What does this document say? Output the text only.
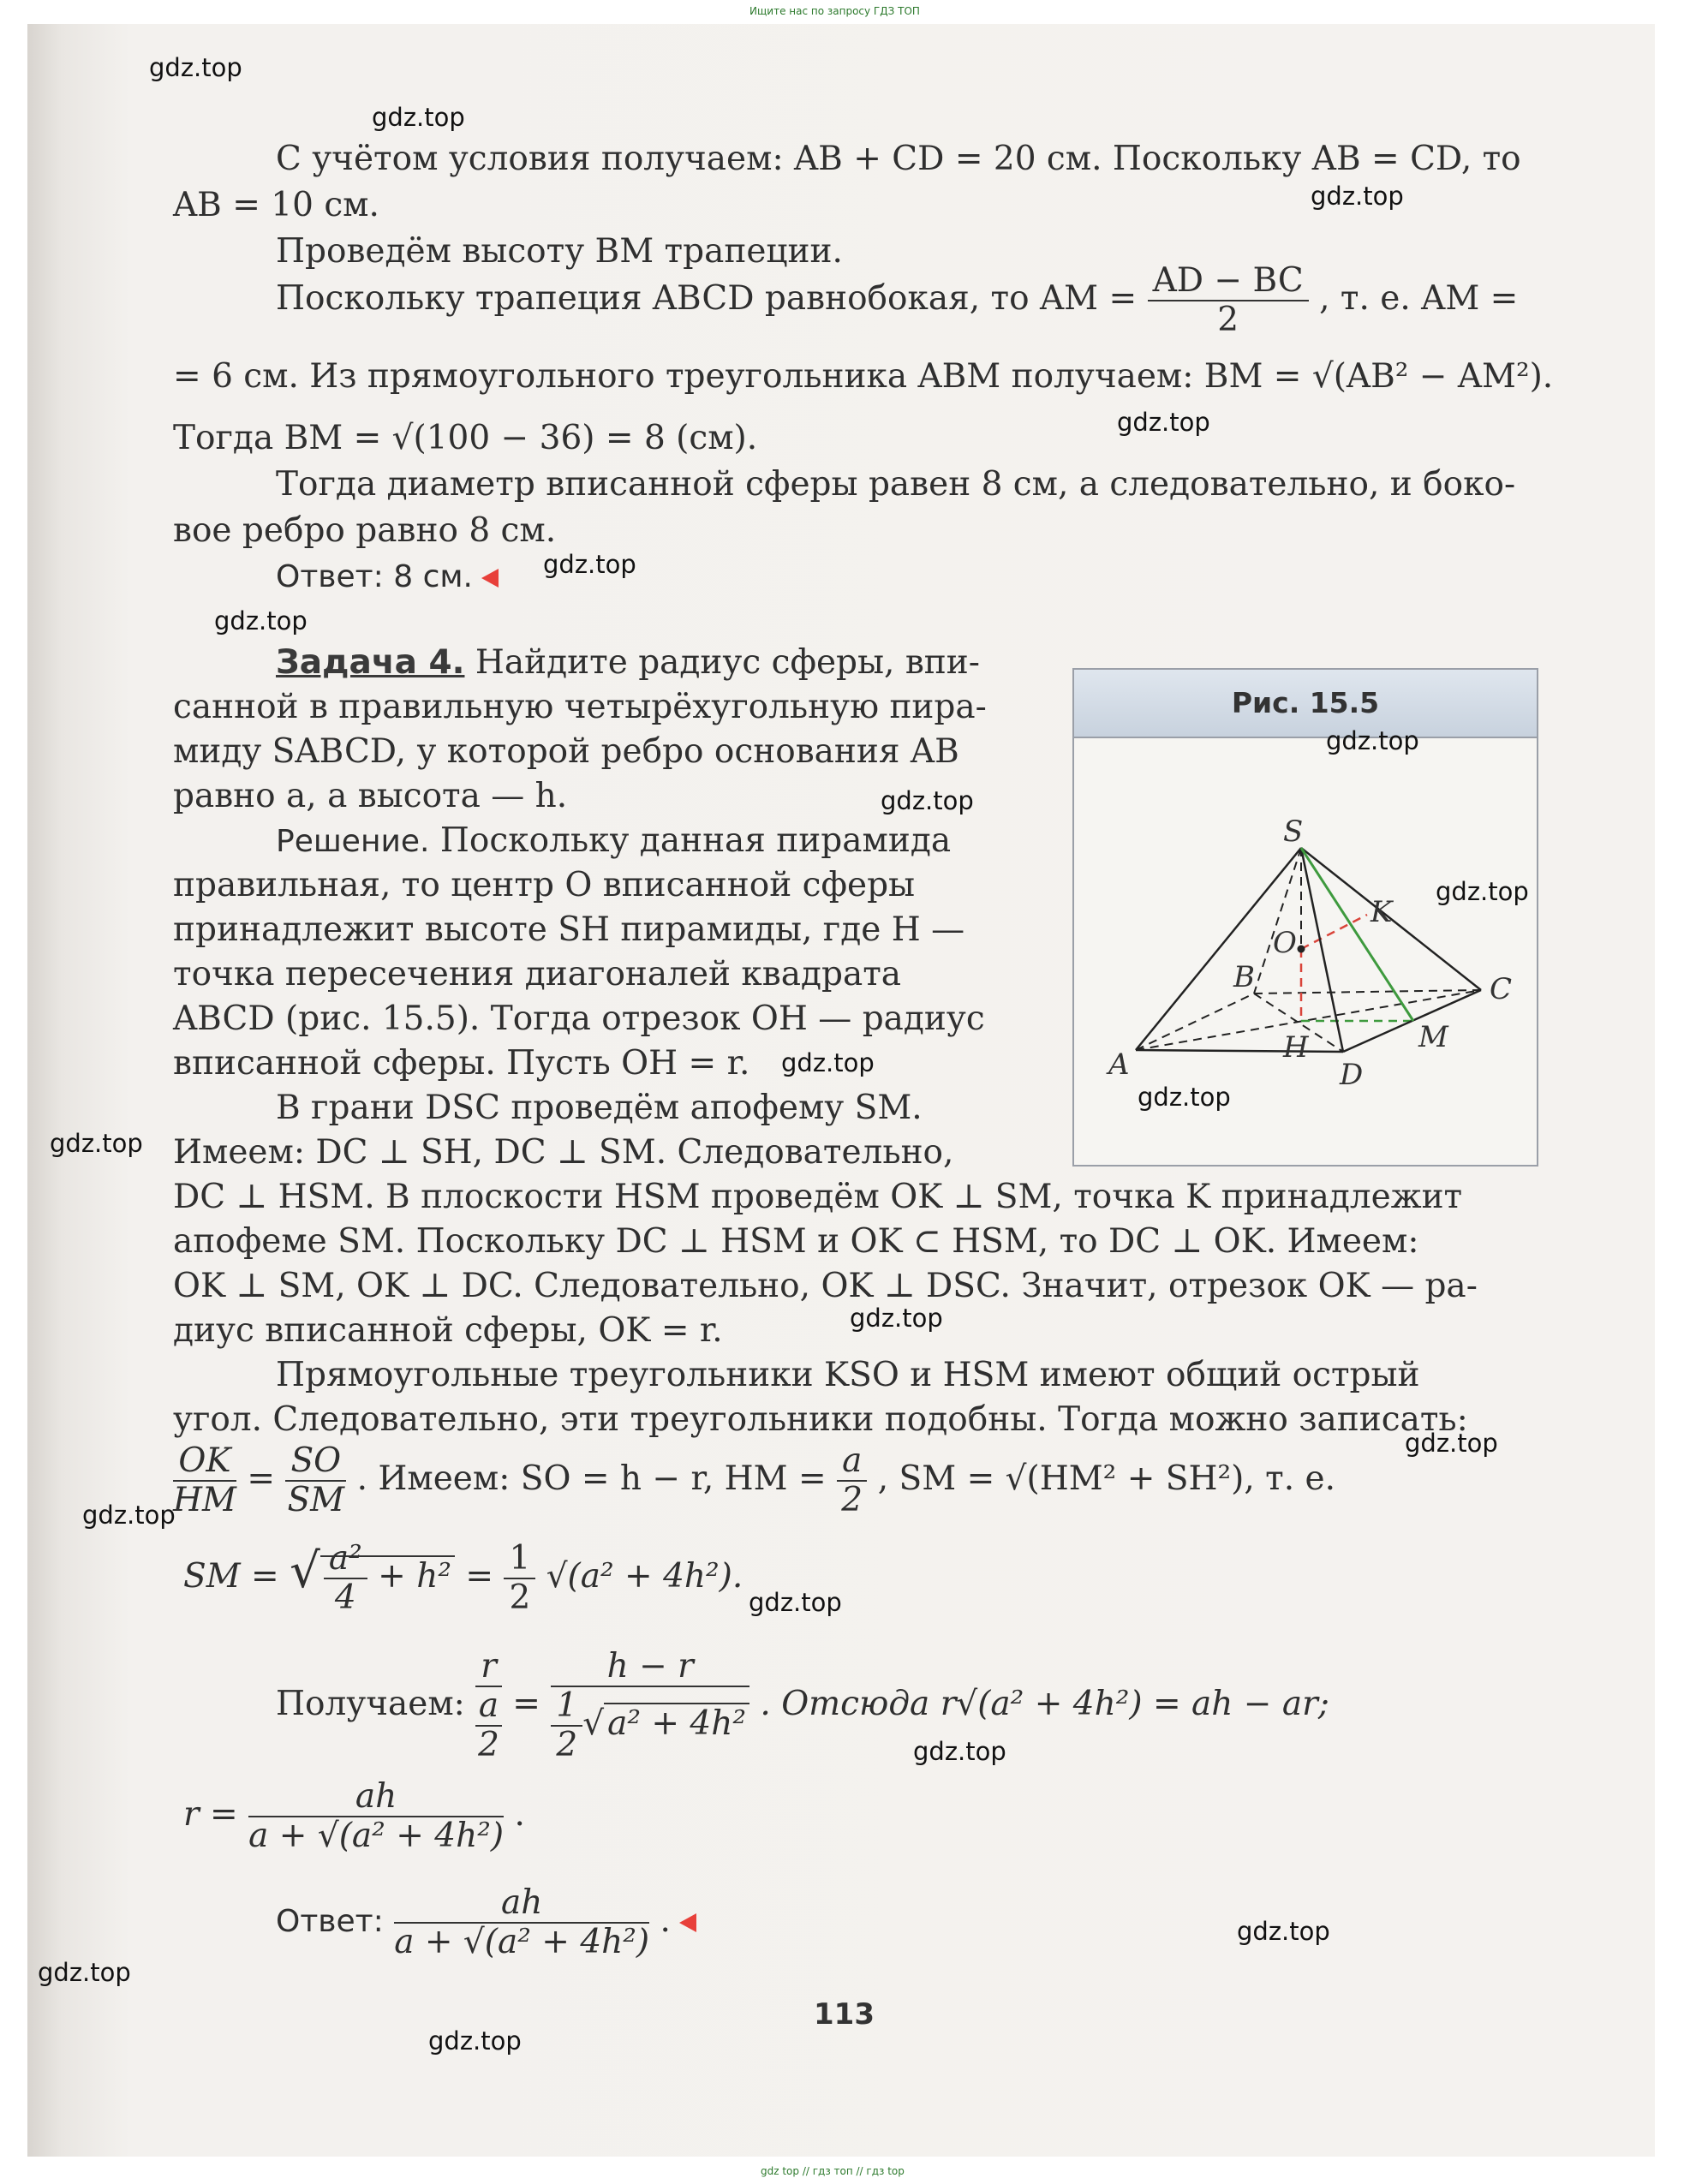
Ищите нас по запросу ГДЗ ТОП
С учётом условия получаем: AB + CD = 20 см. Поскольку AB = CD, то
AB = 10 см.
Проведём высоту BM трапеции.
Поскольку трапеция ABCD равнобокая, то AM = $\frac{AD - BC}{2}$ , т. е. AM =
= 6 см. Из прямоугольного треугольника ABM получаем: BM = √(AB² − AM²).
Тогда BM = √(100 − 36) = 8 (см).
Тогда диаметр вписанной сферы равен 8 см, а следовательно, и боко-
вое ребро равно 8 см.
Ответ: 8 см.
Задача 4. Найдите радиус сферы, впи-
санной в правильную четырёхугольную пира-
миду SABCD, у которой ребро основания AB
равно a, а высота — h.
Решение. Поскольку данная пирамида
правильная, то центр O вписанной сферы
принадлежит высоте SH пирамиды, где H —
точка пересечения диагоналей квадрата
ABCD (рис. 15.5). Тогда отрезок OH — радиус
вписанной сферы. Пусть OH = r.
В грани DSC проведём апофему SM.
Имеем: DC ⊥ SH, DC ⊥ SM. Следовательно,
DC ⊥ HSM. В плоскости HSM проведём OK ⊥ SM, точка K принадлежит
апофеме SM. Поскольку DC ⊥ HSM и OK ⊂ HSM, то DC ⊥ OK. Имеем:
OK ⊥ SM, OK ⊥ DC. Следовательно, OK ⊥ DSC. Значит, отрезок OK — ра-
диус вписанной сферы, OK = r.
Прямоугольные треугольники KSO и HSM имеют общий острый
угол. Следовательно, эти треугольники подобны. Тогда можно записать:
$\frac{OK}{HM} = \frac{SO}{SM}$ . Имеем: SO = h − r, HM = $\frac{a}{2}$ , SM = √(HM² + SH²), т. е.
SM = √ $\frac{\text{a²}}{4} + h^2 = \frac{1}{2} √(a^2 + 4h^2)$.
Получаем: r
a
$2 = \frac{h - r}{\frac{1}{2} √ a^2 + 4h^2}$ . Отсюда r√(a² + 4h²) = ah − ar;
$r = \frac{ah}{\text{a + √(a² + 4h²)}}$ .
Ответ: $\frac{ah}{\text{a + √(a² + 4h²)}}$ .
Рис. 15.5
S
K
O
B	C
H	M
A	D
113
gdz.top
gdz.top
gdz.top
gdz.top
gdz.top
gdz.top
gdz.top
gdz.top
gdz.top
gdz.top
gdz.top
gdz.top
gdz.top
gdz.top
gdz.top
gdz.top
gdz.top
gdz.top
gdz.top
gdz.top
gdz top // гдз топ // гдз top
